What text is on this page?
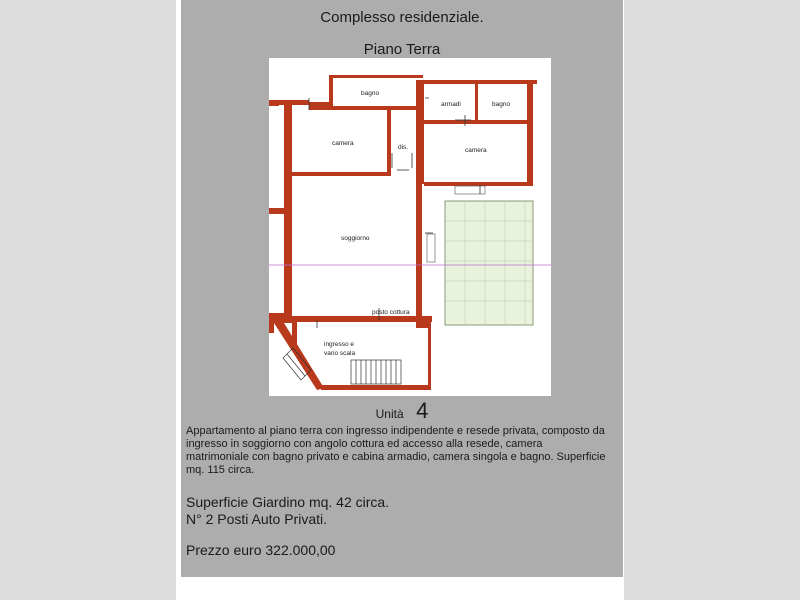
Complesso residenziale.

Piano Terra

bagno
armadi	bagno
camera
dis.	camera
soggiorno
posto cottura
ingresso e
vano scala

Unità 4

Appartamento al piano terra con ingresso indipendente e resede privata, composto da ingresso in soggiorno con angolo cottura ed accesso alla resede, camera matrimoniale con bagno privato e cabina armadio, camera singola e bagno. Superficie mq. 115 circa.

Superficie Giardino mq. 42 circa.

N° 2 Posti Auto Privati.

Prezzo euro 322.000,00
